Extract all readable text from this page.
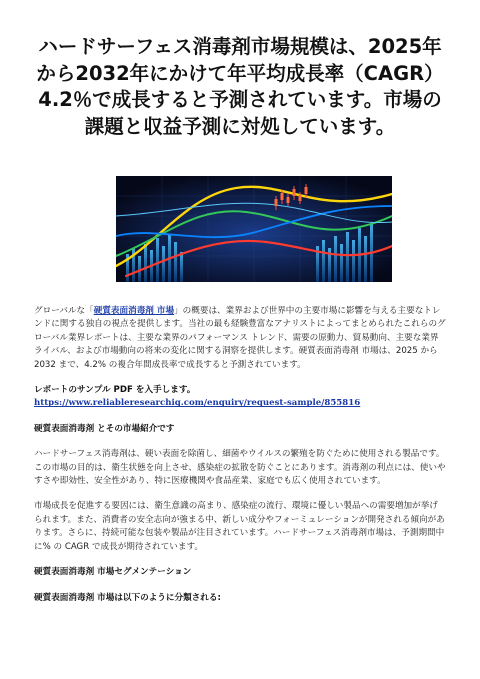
ハードサーフェス消毒剤市場規模は、2025年から2032年にかけて年平均成長率（CAGR）4.2％で成長すると予測されています。市場の課題と収益予測に対処しています。

グローバルな「硬質表面消毒剤 市場」の概要は、業界および世界中の主要市場に影響を与える主要なトレンドに関する独自の視点を提供します。当社の最も経験豊富なアナリストによってまとめられたこれらのグローバル業界レポートは、主要な業界のパフォーマンス トレンド、需要の原動力、貿易動向、主要な業界ライバル、および市場動向の将来の変化に関する洞察を提供します。硬質表面消毒剤 市場は、2025 から 2032 まで、4.2% の複合年間成長率で成長すると予測されています。

レポートのサンプル PDF を入手します。 https://www.reliableresearchiq.com/enquiry/request-sample/855816

硬質表面消毒剤 とその市場紹介です

ハードサーフェス消毒剤は、硬い表面を除菌し、細菌やウイルスの繁殖を防ぐために使用される製品です。この市場の目的は、衛生状態を向上させ、感染症の拡散を防ぐことにあります。消毒剤の利点には、使いやすさや即効性、安全性があり、特に医療機関や食品産業、家庭でも広く使用されています。

市場成長を促進する要因には、衛生意識の高まり、感染症の流行、環境に優しい製品への需要増加が挙げられます。また、消費者の安全志向が強まる中、新しい成分やフォーミュレーションが開発される傾向があります。さらに、持続可能な包装や製品が注目されています。ハードサーフェス消毒剤市場は、予測期間中に% の CAGR で成長が期待されています。

硬質表面消毒剤 市場セグメンテーション

硬質表面消毒剤 市場は以下のように分類される:
